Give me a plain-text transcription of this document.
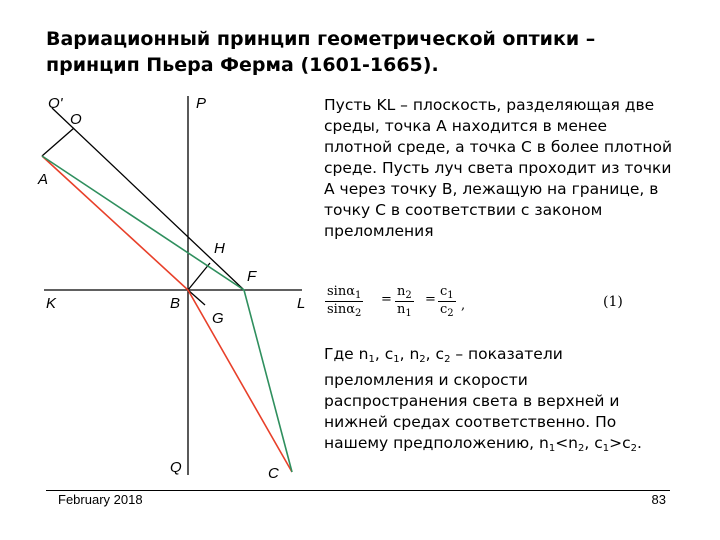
Вариационный принцип геометрической оптики –
принцип Пьера Ферма (1601-1665).
O'
O
P
A
H
F
K	B	L
G
Q	C
Пусть KL – плоскость, разделяющая две среды, точка A находится в менее плотной среде, а точка C в более плотной среде. Пусть луч света проходит из точки A через точку B, лежащую на границе, в точку C в соответствии с законом преломления
$\frac{\sin\alpha_1}{\sin\alpha_2} = \frac{n_2}{n_1} = \frac{c_1}{c_2}$ ,	(1)
Где $n_1$, $c_1$, $n_2$, $c_2$ – показатели преломления и скорости распространения света в верхней и нижней средах соответственно. По нашему предположению, $n_1<n_2$, $c_1>c_2$.
February 2018	83
